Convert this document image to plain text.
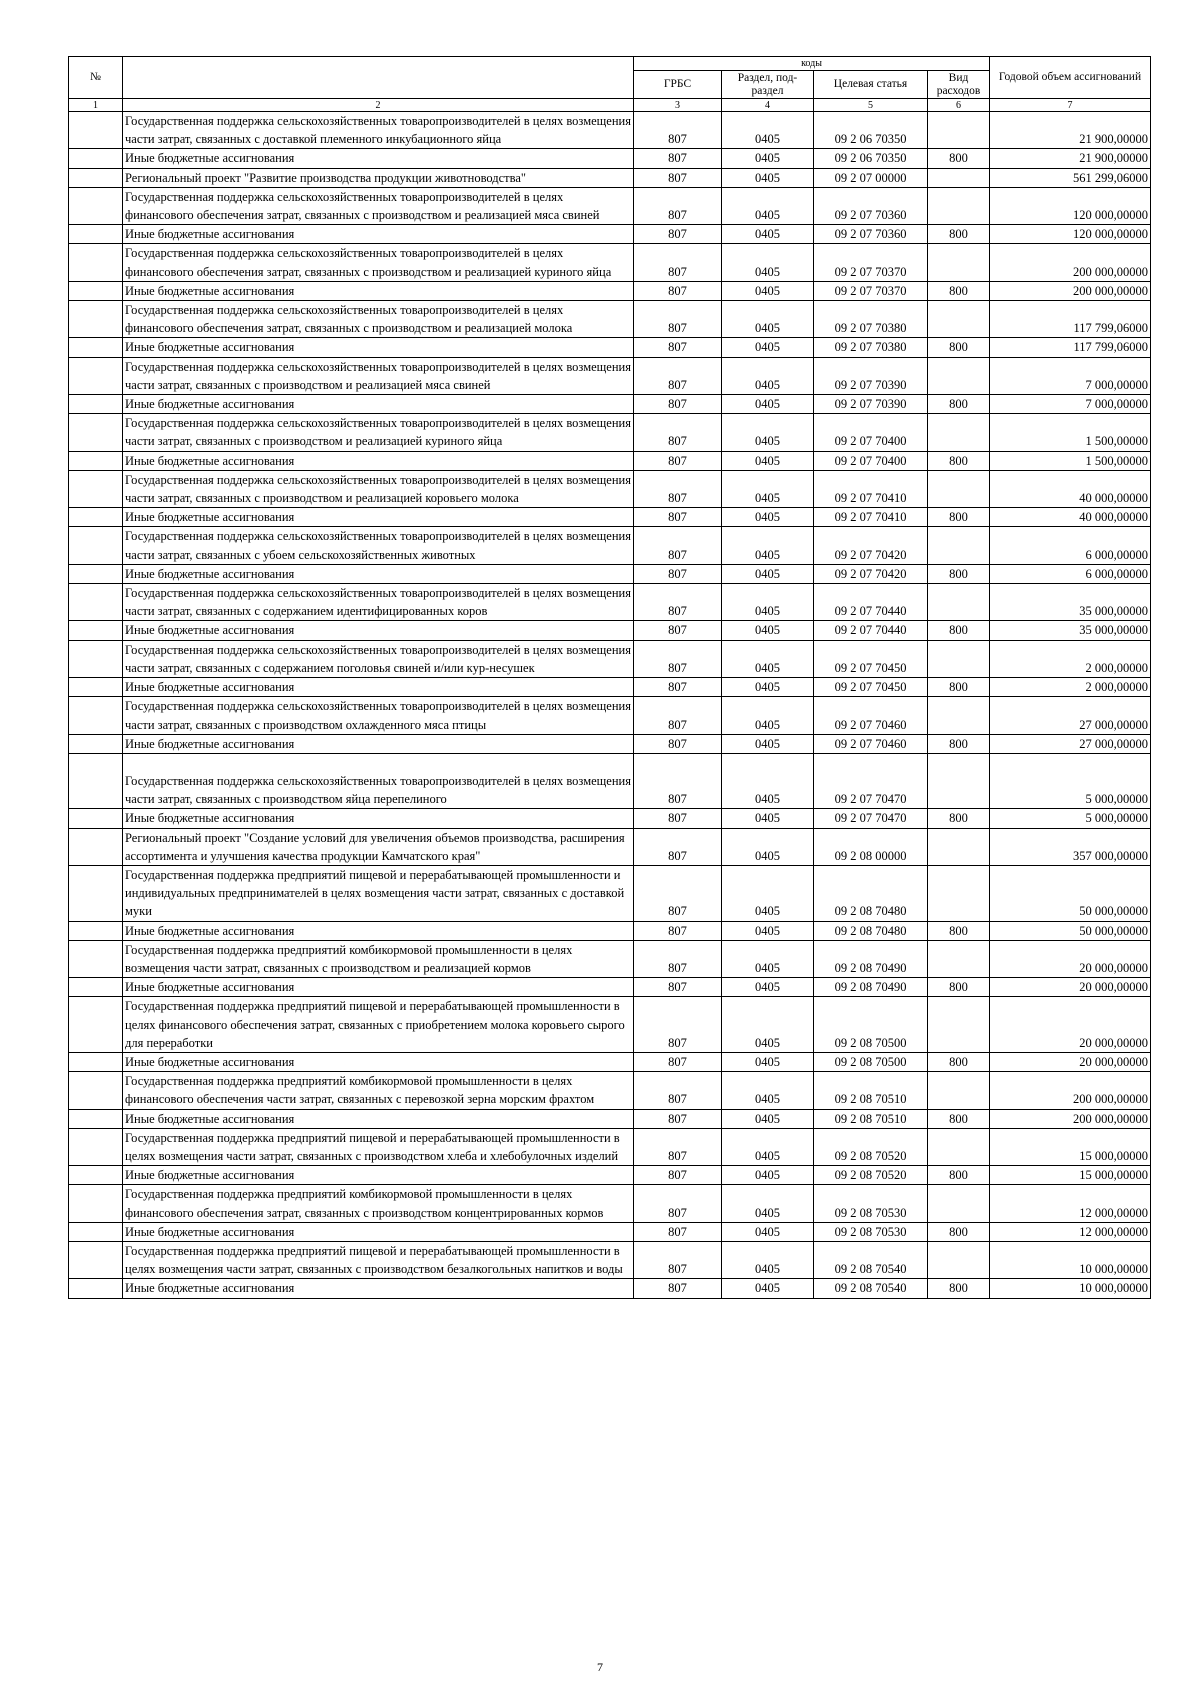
№		коды				Годовой объем ассигнований
		ГРБС	Раздел, под- раздел	Целевая статья	Вид расходов	
1	2	3	4	5	6	7
	Государственная поддержка сельскохозяйственных товаропроизводителей в целях возмещения части затрат, связанных с доставкой племенного инкубационного яйца	807	0405	09 2 06 70350		21 900,00000
	Иные бюджетные ассигнования	807	0405	09 2 06 70350	800	21 900,00000
	Региональный проект "Развитие производства продукции животноводства"	807	0405	09 2 07 00000		561 299,06000
	Государственная поддержка сельскохозяйственных товаропроизводителей в целях финансового обеспечения затрат, связанных с производством и реализацией мяса свиней	807	0405	09 2 07 70360		120 000,00000
	Иные бюджетные ассигнования	807	0405	09 2 07 70360	800	120 000,00000
	Государственная поддержка сельскохозяйственных товаропроизводителей в целях финансового обеспечения затрат, связанных с производством и реализацией куриного яйца	807	0405	09 2 07 70370		200 000,00000
	Иные бюджетные ассигнования	807	0405	09 2 07 70370	800	200 000,00000
	Государственная поддержка сельскохозяйственных товаропроизводителей в целях финансового обеспечения затрат, связанных с производством и реализацией молока	807	0405	09 2 07 70380		117 799,06000
	Иные бюджетные ассигнования	807	0405	09 2 07 70380	800	117 799,06000
	Государственная поддержка сельскохозяйственных товаропроизводителей в целях возмещения части затрат, связанных с производством и реализацией мяса свиней	807	0405	09 2 07 70390		7 000,00000
	Иные бюджетные ассигнования	807	0405	09 2 07 70390	800	7 000,00000
	Государственная поддержка сельскохозяйственных товаропроизводителей в целях возмещения части затрат, связанных с производством и реализацией куриного яйца	807	0405	09 2 07 70400		1 500,00000
	Иные бюджетные ассигнования	807	0405	09 2 07 70400	800	1 500,00000
	Государственная поддержка сельскохозяйственных товаропроизводителей в целях возмещения части затрат, связанных с производством и реализацией коровьего молока	807	0405	09 2 07 70410		40 000,00000
	Иные бюджетные ассигнования	807	0405	09 2 07 70410	800	40 000,00000
	Государственная поддержка сельскохозяйственных товаропроизводителей в целях возмещения части затрат, связанных с убоем сельскохозяйственных животных	807	0405	09 2 07 70420		6 000,00000
	Иные бюджетные ассигнования	807	0405	09 2 07 70420	800	6 000,00000
	Государственная поддержка сельскохозяйственных товаропроизводителей в целях возмещения части затрат, связанных с содержанием идентифицированных коров	807	0405	09 2 07 70440		35 000,00000
	Иные бюджетные ассигнования	807	0405	09 2 07 70440	800	35 000,00000
	Государственная поддержка сельскохозяйственных товаропроизводителей в целях возмещения части затрат, связанных с содержанием поголовья свиней и/или кур-несушек	807	0405	09 2 07 70450		2 000,00000
	Иные бюджетные ассигнования	807	0405	09 2 07 70450	800	2 000,00000
	Государственная поддержка сельскохозяйственных товаропроизводителей в целях возмещения части затрат, связанных с производством охлажденного мяса птицы	807	0405	09 2 07 70460		27 000,00000
	Иные бюджетные ассигнования	807	0405	09 2 07 70460	800	27 000,00000
	Государственная поддержка сельскохозяйственных товаропроизводителей в целях возмещения части затрат, связанных с производством яйца перепелиного	807	0405	09 2 07 70470		5 000,00000
	Иные бюджетные ассигнования	807	0405	09 2 07 70470	800	5 000,00000
	Региональный проект "Создание условий для увеличения объемов производства, расширения ассортимента и улучшения качества продукции Камчатского края"	807	0405	09 2 08 00000		357 000,00000
	Государственная поддержка предприятий пищевой и перерабатывающей промышленности и индивидуальных предпринимателей в целях возмещения части затрат, связанных с доставкой муки	807	0405	09 2 08 70480		50 000,00000
	Иные бюджетные ассигнования	807	0405	09 2 08 70480	800	50 000,00000
	Государственная поддержка предприятий комбикормовой промышленности в целях возмещения части затрат, связанных с производством и реализацией кормов	807	0405	09 2 08 70490		20 000,00000
	Иные бюджетные ассигнования	807	0405	09 2 08 70490	800	20 000,00000
	Государственная поддержка предприятий пищевой и перерабатывающей промышленности в целях финансового обеспечения затрат, связанных с приобретением молока коровьего сырого для переработки	807	0405	09 2 08 70500		20 000,00000
	Иные бюджетные ассигнования	807	0405	09 2 08 70500	800	20 000,00000
	Государственная поддержка предприятий комбикормовой промышленности в целях финансового обеспечения части затрат, связанных с перевозкой зерна морским фрахтом	807	0405	09 2 08 70510		200 000,00000
	Иные бюджетные ассигнования	807	0405	09 2 08 70510	800	200 000,00000
	Государственная поддержка предприятий пищевой и перерабатывающей промышленности в целях возмещения части затрат, связанных с производством хлеба и хлебобулочных изделий	807	0405	09 2 08 70520		15 000,00000
	Иные бюджетные ассигнования	807	0405	09 2 08 70520	800	15 000,00000
	Государственная поддержка предприятий комбикормовой промышленности в целях финансового обеспечения затрат, связанных с производством концентрированных кормов	807	0405	09 2 08 70530		12 000,00000
	Иные бюджетные ассигнования	807	0405	09 2 08 70530	800	12 000,00000
	Государственная поддержка предприятий пищевой и перерабатывающей промышленности в целях возмещения части затрат, связанных с производством безалкогольных напитков и воды	807	0405	09 2 08 70540		10 000,00000
	Иные бюджетные ассигнования	807	0405	09 2 08 70540	800	10 000,00000
7
